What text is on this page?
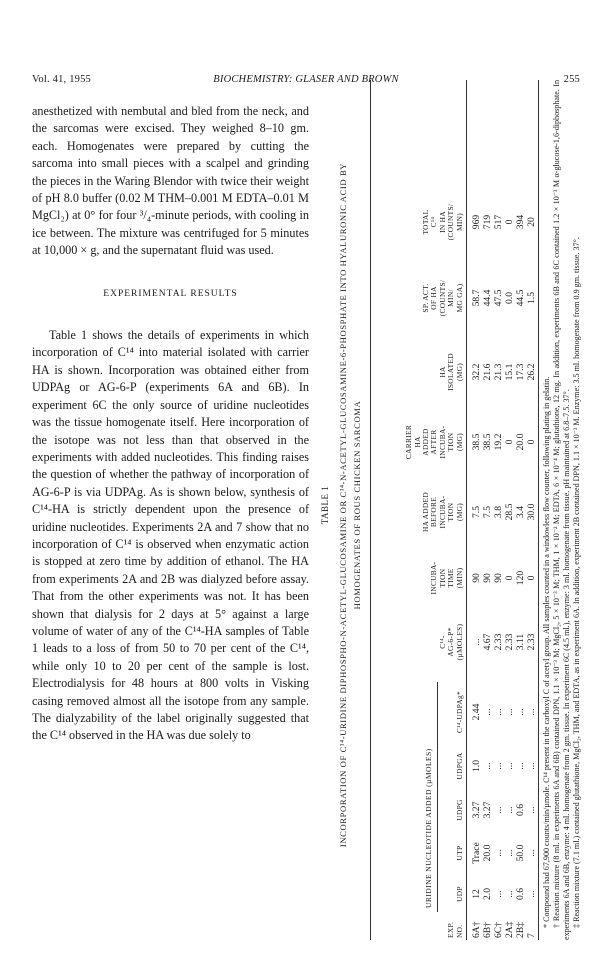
Vol. 41, 1955	BIOCHEMISTRY: GLASER AND BROWN	255

anesthetized with nembutal and bled from the neck, and the sarcomas were excised. They weighed 8–10 gm. each. Homogenates were prepared by cutting the sarcoma into small pieces with a scalpel and grinding the pieces in the Waring Blendor with twice their weight of pH 8.0 buffer (0.02 M THM–0.001 M EDTA–0.01 M MgCl₂) at 0° for four ³/₄-minute periods, with cooling in ice between. The mixture was centrifuged for 5 minutes at 10,000 × g, and the supernatant fluid was used.

EXPERIMENTAL RESULTS

Table 1 shows the details of experiments in which incorporation of C¹⁴ into material isolated with carrier HA is shown. Incorporation was obtained either from UDPAg or AG-6-P (experiments 6A and 6B). In experiment 6C the only source of uridine nucleotides was the tissue homogenate itself. Here incorporation of the isotope was not less than that observed in the experiments with added nucleotides. This finding raises the question of whether the pathway of incorporation of AG-6-P is via UDPAg. As is shown below, synthesis of C¹⁴-HA is strictly dependent upon the presence of uridine nucleotides. Experiments 2A and 7 show that no incorporation of C¹⁴ is observed when enzymatic action is stopped at zero time by addition of ethanol. The HA from experiments 2A and 2B was dialyzed before assay. That from the other experiments was not. It has been shown that dialysis for 2 days at 5° against a large volume of water of any of the C¹⁴-HA samples of Table 1 leads to a loss of from 50 to 70 per cent of the C¹⁴, while only 10 to 20 per cent of the sample is lost. Electrodialysis for 48 hours at 800 volts in Visking casing removed almost all the isotope from any sample. The dialyzability of the label originally suggested that the C¹⁴ observed in the HA was due solely to

TABLE 1 INCORPORATION OF C¹⁴-URIDINE DIPHOSPHO-N-ACETYL-GLUCOSAMINE OR C¹⁴-N-ACETYL-GLUCOSAMINE-6-PHOSPHATE INTO HYALURONIC ACID BY HOMOGENATES OF ROUS CHICKEN SARCOMA
URIDINE NUCLEOTIDE ADDED (µMOLES)
EXP.
NO.
UDP
UTP
UDPG
UDPGA
C¹⁴-UDPAg*
C¹⁴-
AG-6-P*
(µMOLES)
INCUBA-
TION
TIME
(MIN)
HA ADDED
BEFORE
INCUBA-
TION
(MG)
CARRIER
HA
ADDED
AFTER
INCUBA-
TION
(MG)
HA
ISOLATED
(MG)
SP. ACT.
OF HA
(COUNTS/
MIN/
MG GA)
TOTAL
C¹⁴
IN HA
(COUNTS/
MIN)
6A†
12
Trace
3.27
1.0
2.44
...
90
7.5
38.5
32.2
58.7
969
6B†
2.0
20.0
3.27
...
...
4.67
90
7.5
38.5
21.6
44.4
719
6C†
...
...
...
...
...
2.33
90
3.8
19.2
21.3
47.5
517
2A‡
...
...
...
...
...
2.33
0
28.5
0
15.1
0.0
0
2B‡
0.6
50.0
0.6
...
...
3.11
120
3.4
20.0
17.3
44.5
394
7
...
...
...
...
...
2.33
0
30.0
0
26.2
1.5
20
* Compound had 67,900 counts/min/µmole. C¹⁴ present in the carboxyl C of acetyl group. All samples counted in a windowless flow counter, following plating in gelatin. † Reaction mixture (8 ml. in experiments 6A and 6B) contained DPN, 1.1 × 10⁻³ M; MgCl₂, 5 × 10⁻³ M; THM, 1 × 10⁻² M; EDTA, 6 × 10⁻⁴ M; glutathione, 12 mg. In addition, experiments 6B and 6C contained 1.2 × 10⁻³ M α-glucose-1,6-diphosphate. In experiments 6A and 6B, enzyme: 4 ml. homogenate from 2 gm. tissue. In experiment 6C (4.5 ml.), enzyme: 3 ml. homogenate from tissue. pH maintained at 6.8–7.5. 37°. ‡ Reaction mixture (7.1 ml.) contained glutathione, MgCl₂, THM, and EDTA, as in experiment 6A. In addition, experiment 2B contained DPN, 1.1 × 10⁻³ M. Enzyme: 3.5 ml. homogenate from 0.9 gm. tissue. 37°.
